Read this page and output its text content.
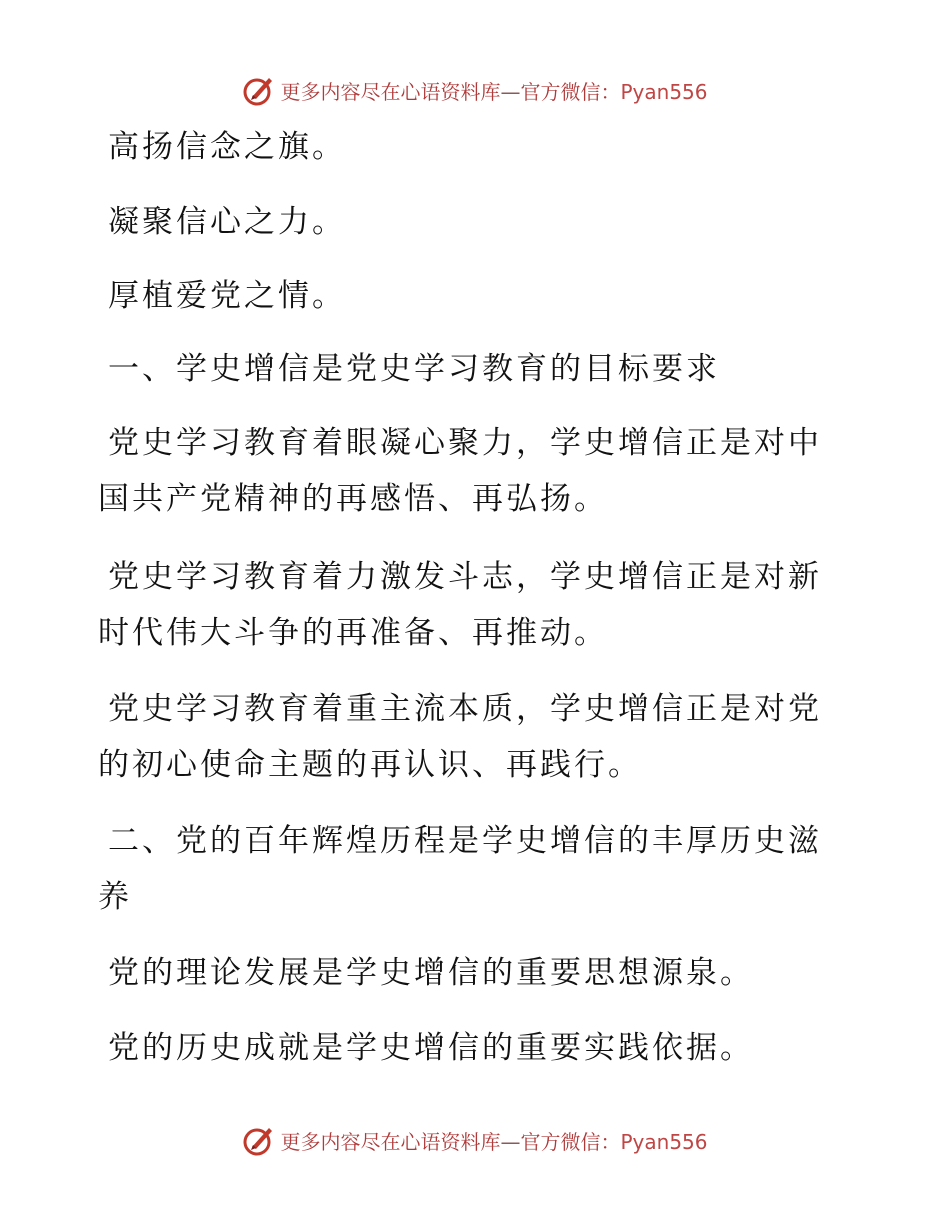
更多内容尽在心语资料库—官方微信：Pyan556

高扬信念之旗。

凝聚信心之力。

厚植爱党之情。

一、学史增信是党史学习教育的目标要求

党史学习教育着眼凝心聚力，学史增信正是对中国共产党精神的再感悟、再弘扬。

党史学习教育着力激发斗志，学史增信正是对新时代伟大斗争的再准备、再推动。

党史学习教育着重主流本质，学史增信正是对党的初心使命主题的再认识、再践行。

二、党的百年辉煌历程是学史增信的丰厚历史滋养

党的理论发展是学史增信的重要思想源泉。

党的历史成就是学史增信的重要实践依据。

更多内容尽在心语资料库—官方微信：Pyan556
